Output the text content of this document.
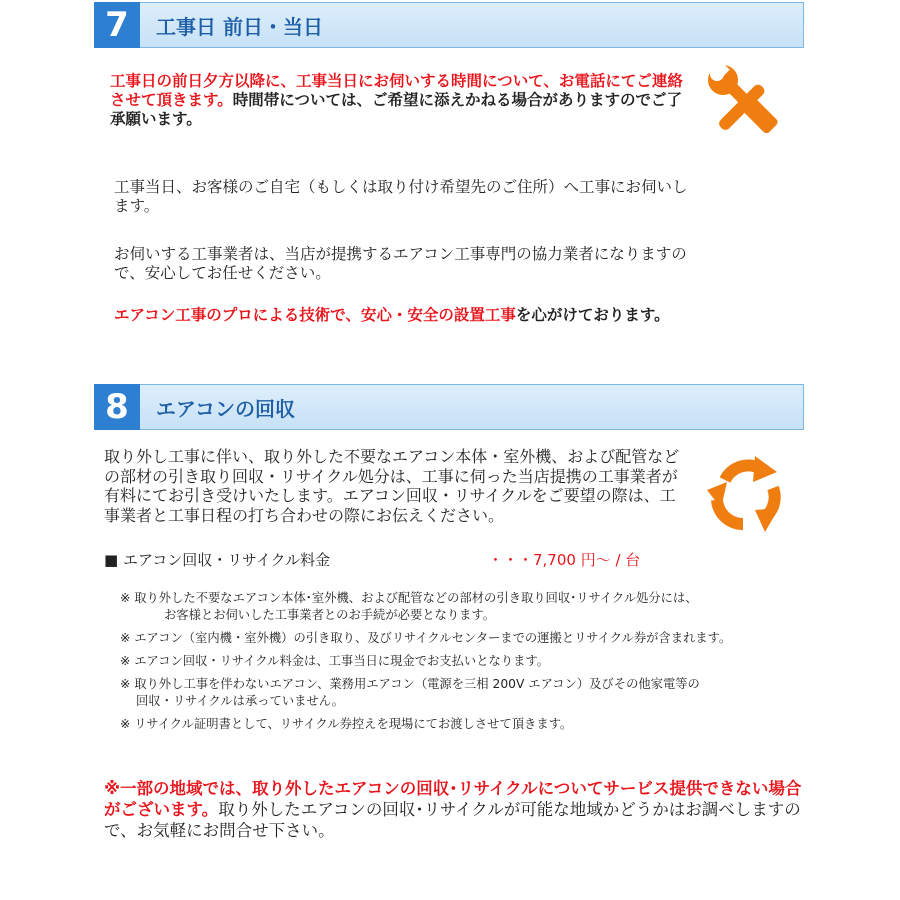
7	工事日 前日・当日
工事日の前日夕方以降に、工事当日にお伺いする時間について、お電話にてご連絡させて頂きます。時間帯については、ご希望に添えかねる場合がありますのでご了承願います。
工事当日、お客様のご自宅（もしくは取り付け希望先のご住所）へ工事にお伺いします。
お伺いする工事業者は、当店が提携するエアコン工事専門の協力業者になりますので、安心してお任せください。
エアコン工事のプロによる技術で、安心・安全の設置工事を心がけております。
8	エアコンの回収
取り外し工事に伴い、取り外した不要なエアコン本体・室外機、および配管などの部材の引き取り回収・リサイクル処分は、工事に伺った当店提携の工事業者が有料にてお引き受けいたします。エアコン回収・リサイクルをご要望の際は、工事業者と工事日程の打ち合わせの際にお伝えください。
■ エアコン回収・リサイクル料金	・・・7,700 円～ / 台
※ 取り外した不要なエアコン本体･室外機、および配管などの部材の引き取り回収･リサイクル処分には、
お客様とお伺いした工事業者とのお手続が必要となります。
※ エアコン（室内機・室外機）の引き取り、及びリサイクルセンターまでの運搬とリサイクル券が含まれます。
※ エアコン回収・リサイクル料金は、工事当日に現金でお支払いとなります。
※ 取り外し工事を伴わないエアコン、業務用エアコン（電源を三相 200V エアコン）及びその他家電等の
回収・リサイクルは承っていません。
※ リサイクル証明書として、リサイクル券控えを現場にてお渡しさせて頂きます。
※一部の地域では、取り外したエアコンの回収･リサイクルについてサービス提供できない場合がございます。取り外したエアコンの回収･リサイクルが可能な地域かどうかはお調べしますので、お気軽にお問合せ下さい。
